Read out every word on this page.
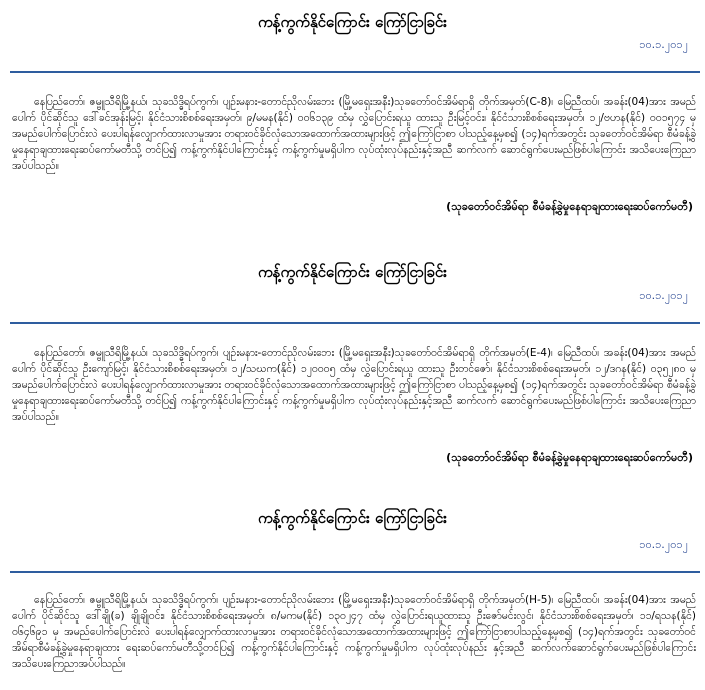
ကန့်ကွက်နိုင်ကြောင်း ကြော်ငြာခြင်း
၁၀.၁.၂၀၁၂
နေပြည်တော်၊ ဇမ္ဗူသီရိမြို့နယ်၊ သုခသိဒ္ဓိရပ်ကွက်၊ ပျဉ်းမနား-တောင်ညိုလမ်းဘေး (မြို့မရှေးအနီး)သုခတော်ဝင်အိမ်ရာရှိ တိုက်အမှတ်(C-8)၊ မြေညီထပ်၊ အခန်း(04)အား အမည်ပေါက် ပိုင်ဆိုင်သူ ဒေါ်ခင်အုန်းမြင့်၊ နိုင်ငံသားစိစစ်ရေးအမှတ်၊ ၉/မမန(နိုင်) ၀၀၆၁၃၉ ထံမှ လွှဲပြောင်းရယူ ထားသူ ဦးမြင့်ဝင်း၊ နိုင်ငံသားစိစစ်ရေးအမှတ်၊ ၁၂/ဗဟန(နိုင်) ၀၀၁၅၇၄ မှ အမည်ပေါက်ပြောင်းလဲ ပေးပါရန်လျှောက်ထားလာမှုအား တရားဝင်ခိုင်လုံသောအထောက်အထားများဖြင့် ဤကြော်ငြာစာ ပါသည့်နေ့မှစ၍ (၁၄)ရက်အတွင်း သုခတော်ဝင်အိမ်ရာ စီမံခန့်ခွဲမှုနေရာချထားရေးဆပ်ကော်မတီသို့ တင်ပြ၍ ကန့်ကွက်နိုင်ပါကြောင်းနှင့် ကန့်ကွက်မှုမရှိပါက လုပ်ထုံးလုပ်နည်းနှင့်အညီ ဆက်လက် ဆောင်ရွက်ပေးမည်ဖြစ်ပါကြောင်း အသိပေးကြေညာအပ်ပါသည်။
(သုခတော်ဝင်အိမ်ရာ စီမံခန့်ခွဲမှုနေရာချထားရေးဆပ်ကော်မတီ)
ကန့်ကွက်နိုင်ကြောင်း ကြော်ငြာခြင်း
၁၀.၁.၂၀၁၂
နေပြည်တော်၊ ဇမ္ဗူသီရိမြို့နယ်၊ သုခသိဒ္ဓိရပ်ကွက်၊ ပျဉ်းမနား-တောင်ညိုလမ်းဘေး (မြို့မရှေးအနီး)သုခတော်ဝင်အိမ်ရာရှိ တိုက်အမှတ်(E-4)၊ မြေညီထပ်၊ အခန်း(04)အား အမည်ပေါက် ပိုင်ဆိုင်သူ ဦးကျော်မြင့်၊ နိုင်ငံသားစိစစ်ရေးအမှတ်၊ ၁၂/သဃက(နိုင်) ၁၂၀၀၀၅ ထံမှ လွှဲပြောင်းရယူ ထားသူ ဦးတင်ဇော်၊ နိုင်ငံသားစိစစ်ရေးအမှတ်၊ ၁၂/ဒဂန(နိုင်) ၀၃၅၂၈၀ မှ အမည်ပေါက်ပြောင်းလဲ ပေးပါရန်လျှောက်ထားလာမှုအား တရားဝင်ခိုင်လုံသောအထောက်အထားများဖြင့် ဤကြော်ငြာစာ ပါသည့်နေ့မှစ၍ (၁၄)ရက်အတွင်း သုခတော်ဝင်အိမ်ရာ စီမံခန့်ခွဲမှုနေရာချထားရေးဆပ်ကော်မတီသို့ တင်ပြ၍ ကန့်ကွက်နိုင်ပါကြောင်းနှင့် ကန့်ကွက်မှုမရှိပါက လုပ်ထုံးလုပ်နည်းနှင့်အညီ ဆက်လက် ဆောင်ရွက်ပေးမည်ဖြစ်ပါကြောင်း အသိပေးကြေညာအပ်ပါသည်။
(သုခတော်ဝင်အိမ်ရာ စီမံခန့်ခွဲမှုနေရာချထားရေးဆပ်ကော်မတီ)
ကန့်ကွက်နိုင်ကြောင်း ကြော်ငြာခြင်း
၁၀.၁.၂၀၁၂
နေပြည်တော်၊ ဇမ္ဗူသီရိမြို့နယ်၊ သုခသိဒ္ဓိရပ်ကွက်၊ ပျဉ်းမနား-တောင်ညိုလမ်းဘေး (မြို့မရှေးအနီး)သုခတော်ဝင်အိမ်ရာရှိ တိုက်အမှတ်(H-5)၊ မြေညီထပ်၊ အခန်း(04)အား အမည်ပေါက် ပိုင်ဆိုင်သူ ဒေါ်ချို(ခ) ချိုချိုဝင်း၊ နိုင်ငံသားစိစစ်ရေးအမှတ်၊ ၈/မကမ(နိုင်) ၁၃၀၂၄၇ ထံမှ လွှဲပြောင်းရယူထားသူ ဦးဇော်မင်းလွင်၊ နိုင်ငံသားစိစစ်ရေးအမှတ်၊ ၁၁/ရသန(နိုင်) ၀၆၄၆၉၁ မှ အမည်ပေါက်ပြောင်းလဲ ပေးပါရန်လျှောက်ထားလာမှုအား တရားဝင်ခိုင်လုံသောအထောက်အထားများဖြင့် ဤကြော်ငြာစာပါသည့်နေ့မှစ၍ (၁၄)ရက်အတွင်း သုခတော်ဝင်အိမ်ရာစီမံခန့်ခွဲမှုနေရာချထား ရေးဆပ်ကော်မတီသို့တင်ပြ၍ ကန့်ကွက်နိုင်ပါကြောင်းနှင့် ကန့်ကွက်မှုမရှိပါက လုပ်ထုံးလုပ်နည်း နှင့်အညီ ဆက်လက်ဆောင်ရွက်ပေးမည်ဖြစ်ပါကြောင်း အသိပေးကြေညာအပ်ပါသည်။
